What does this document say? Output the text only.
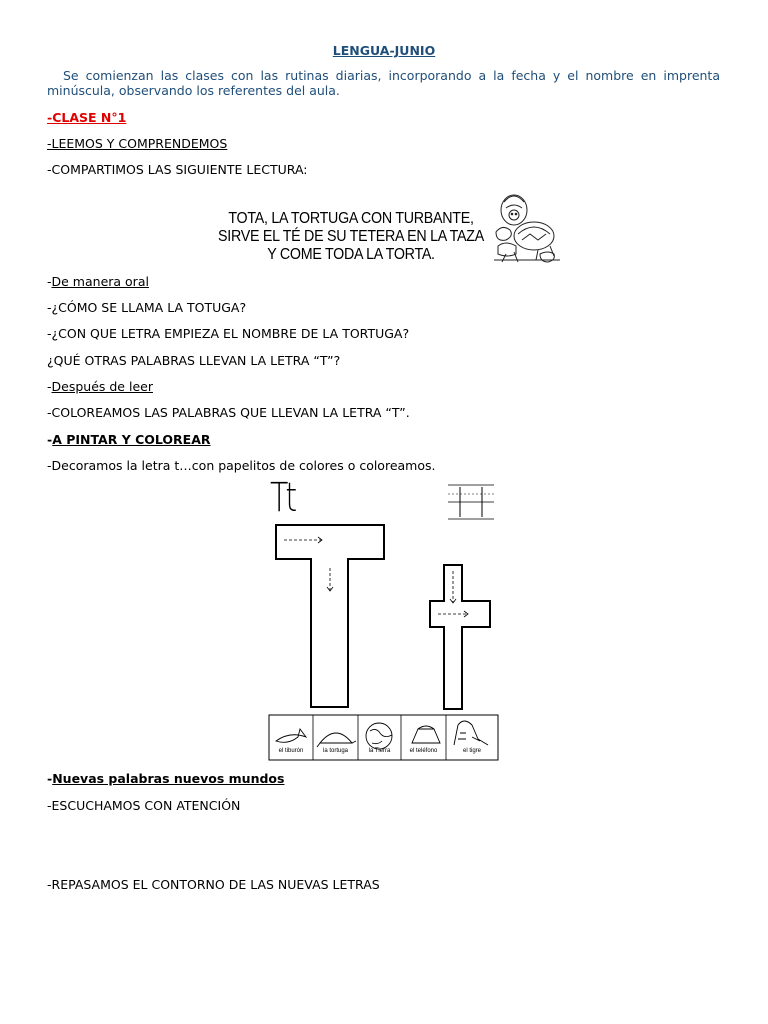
LENGUA-JUNIO
Se comienzan las clases con las rutinas diarias, incorporando a la fecha y el nombre en imprenta minúscula, observando los referentes del aula.
-CLASE N°1
-LEEMOS Y COMPRENDEMOS
-COMPARTIMOS LAS SIGUIENTE LECTURA:
TOTA, LA TORTUGA CON TURBANTE,
SIRVE EL TÉ DE SU TETERA EN LA TAZA
Y COME TODA LA TORTA.
-De manera oral
-¿CÓMO SE LLAMA LA TOTUGA?
-¿CON QUE LETRA EMPIEZA EL NOMBRE DE LA TORTUGA?
¿QUÉ OTRAS PALABRAS LLEVAN LA LETRA “T”?
-Después de leer
-COLOREAMOS LAS PALABRAS QUE LLEVAN LA LETRA “T”.
-A PINTAR Y COLOREAR
-Decoramos la letra t…con papelitos de colores o coloreamos.
Tt
el tiburón	la tortuga	la Tierra	el teléfono	el tigre
-Nuevas palabras nuevos mundos
-ESCUCHAMOS CON ATENCIÓN
-REPASAMOS EL CONTORNO DE LAS NUEVAS LETRAS
